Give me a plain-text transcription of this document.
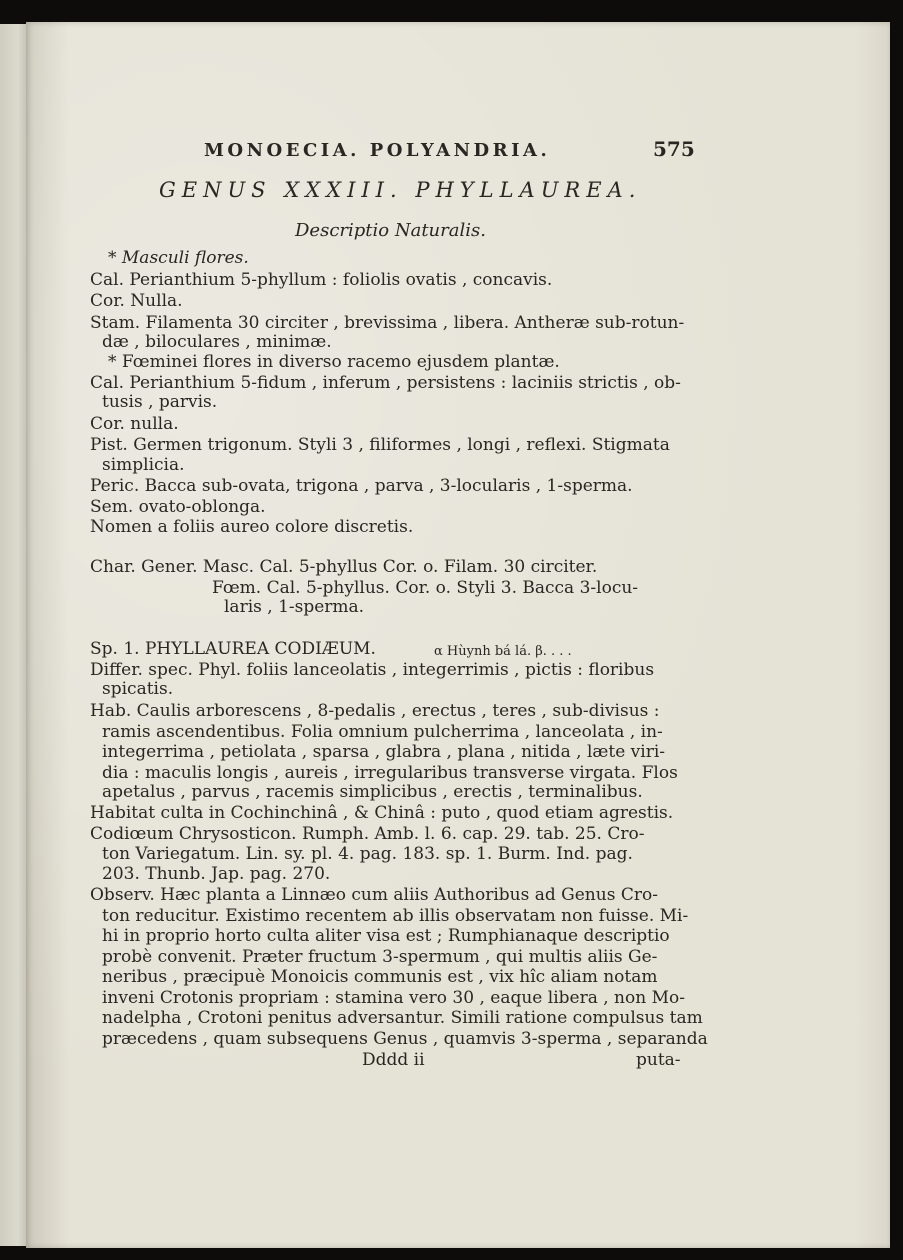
MONOECIA. POLYANDRIA.	575
GENUS XXXIII. PHYLLAUREA.
Descriptio Naturalis.
* Masculi flores.
Cal. Perianthium 5-phyllum : foliolis ovatis , concavis.
Cor. Nulla.
Stam. Filamenta 30 circiter , brevissima , libera. Antheræ sub-rotun-
dæ , biloculares , minimæ.
* Fœminei flores in diverso racemo ejusdem plantæ.
Cal. Perianthium 5-fidum , inferum , persistens : laciniis strictis , ob-
tusis , parvis.
Cor. nulla.
Pist. Germen trigonum. Styli 3 , filiformes , longi , reflexi. Stigmata
simplicia.
Peric. Bacca sub-ovata, trigona , parva , 3-locularis , 1-sperma.
Sem. ovato-oblonga.
Nomen a foliis aureo colore discretis.
Char. Gener. Masc. Cal. 5-phyllus Cor. o. Filam. 30 circiter.
Fœm. Cal. 5-phyllus. Cor. o. Styli 3. Bacca 3-locu-
laris , 1-sperma.
Sp. 1. PHYLLAUREA CODIÆUM.	α Hùynh bá lá. β. . . .
Differ. spec. Phyl. foliis lanceolatis , integerrimis , pictis : floribus
spicatis.
Hab. Caulis arborescens , 8-pedalis , erectus , teres , sub-divisus :
ramis ascendentibus. Folia omnium pulcherrima , lanceolata , in-
integerrima , petiolata , sparsa , glabra , plana , nitida , læte viri-
dia : maculis longis , aureis , irregularibus transverse virgata. Flos
apetalus , parvus , racemis simplicibus , erectis , terminalibus.
Habitat culta in Cochinchinâ , & Chinâ : puto , quod etiam agrestis.
Codiœum Chrysosticon. Rumph. Amb. l. 6. cap. 29. tab. 25. Cro-
ton Variegatum. Lin. sy. pl. 4. pag. 183. sp. 1. Burm. Ind. pag.
203. Thunb. Jap. pag. 270.
Observ. Hæc planta a Linnæo cum aliis Authoribus ad Genus Cro-
ton reducitur. Existimo recentem ab illis observatam non fuisse. Mi-
hi in proprio horto culta aliter visa est ; Rumphianaque descriptio
probè convenit. Præter fructum 3-spermum , qui multis aliis Ge-
neribus , præcipuè Monoicis communis est , vix hîc aliam notam
inveni Crotonis propriam : stamina vero 30 , eaque libera , non Mo-
nadelpha , Crotoni penitus adversantur. Simili ratione compulsus tam
præcedens , quam subsequens Genus , quamvis 3-sperma , separanda
Dddd ii	puta-
